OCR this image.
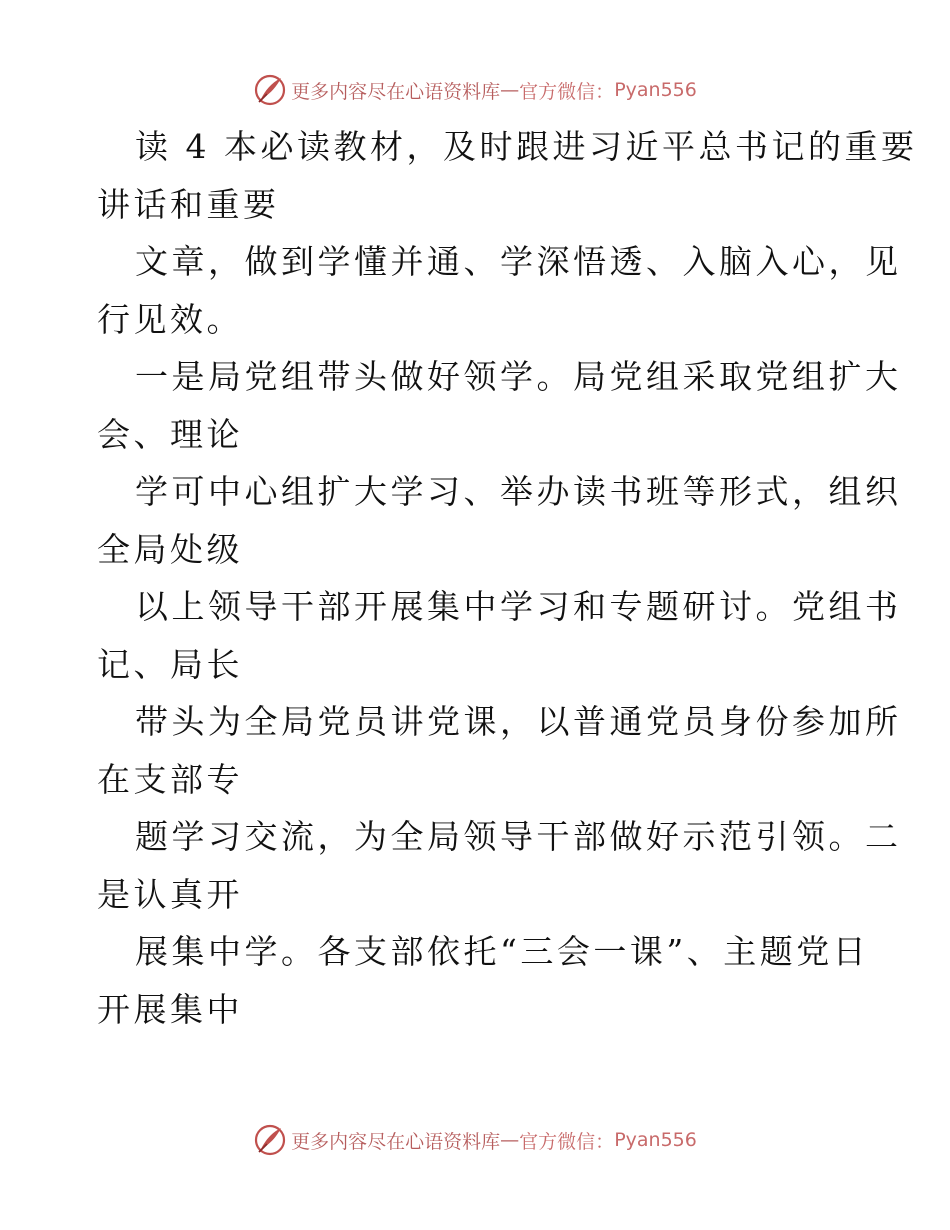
更多内容尽在心语资料库 — 官方微信： Pyan556

读 4 本必读教材，及时跟进习近平总书记的重要
讲话和重要

文章，做到学懂并通、学深悟透、入脑入心，见
行见效。

一是局党组带头做好领学。局党组采取党组扩大
会、理论

学可中心组扩大学习、举办读书班等形式，组织
全局处级

以上领导干部开展集中学习和专题研讨。党组书
记、局长

带头为全局党员讲党课，以普通党员身份参加所
在支部专

题学习交流，为全局领导干部做好示范引领。二
是认真开

展集中学。各支部依托“三会一课”、主题党日
开展集中

更多内容尽在心语资料库 — 官方微信： Pyan556
